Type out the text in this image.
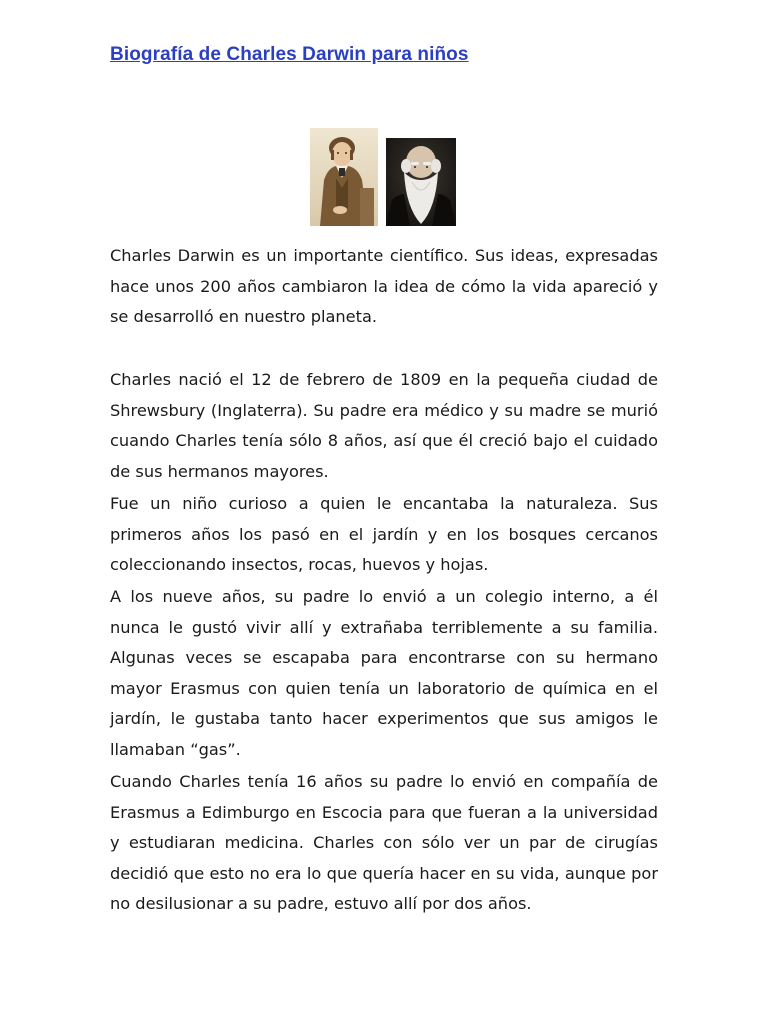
Biografía de Charles Darwin para niños

Charles Darwin es un importante científico. Sus ideas, expresadas hace unos 200 años cambiaron la idea de cómo la vida apareció y se desarrolló en nuestro planeta.

Charles nació el 12 de febrero de 1809 en la pequeña ciudad de Shrewsbury (Inglaterra). Su padre era médico y su madre se murió cuando Charles tenía sólo 8 años, así que él creció bajo el cuidado de sus hermanos mayores.

Fue un niño curioso a quien le encantaba la naturaleza. Sus primeros años los pasó en el jardín y en los bosques cercanos coleccionando insectos, rocas, huevos y hojas.

A los nueve años, su padre lo envió a un colegio interno, a él nunca le gustó vivir allí y extrañaba terriblemente a su familia. Algunas veces se escapaba para encontrarse con su hermano mayor Erasmus con quien tenía un laboratorio de química en el jardín, le gustaba tanto hacer experimentos que sus amigos le llamaban “gas”.

Cuando Charles tenía 16 años su padre lo envió en compañía de Erasmus a Edimburgo en Escocia para que fueran a la universidad y estudiaran medicina. Charles con sólo ver un par de cirugías decidió que esto no era lo que quería hacer en su vida, aunque por no desilusionar a su padre, estuvo allí por dos años.
